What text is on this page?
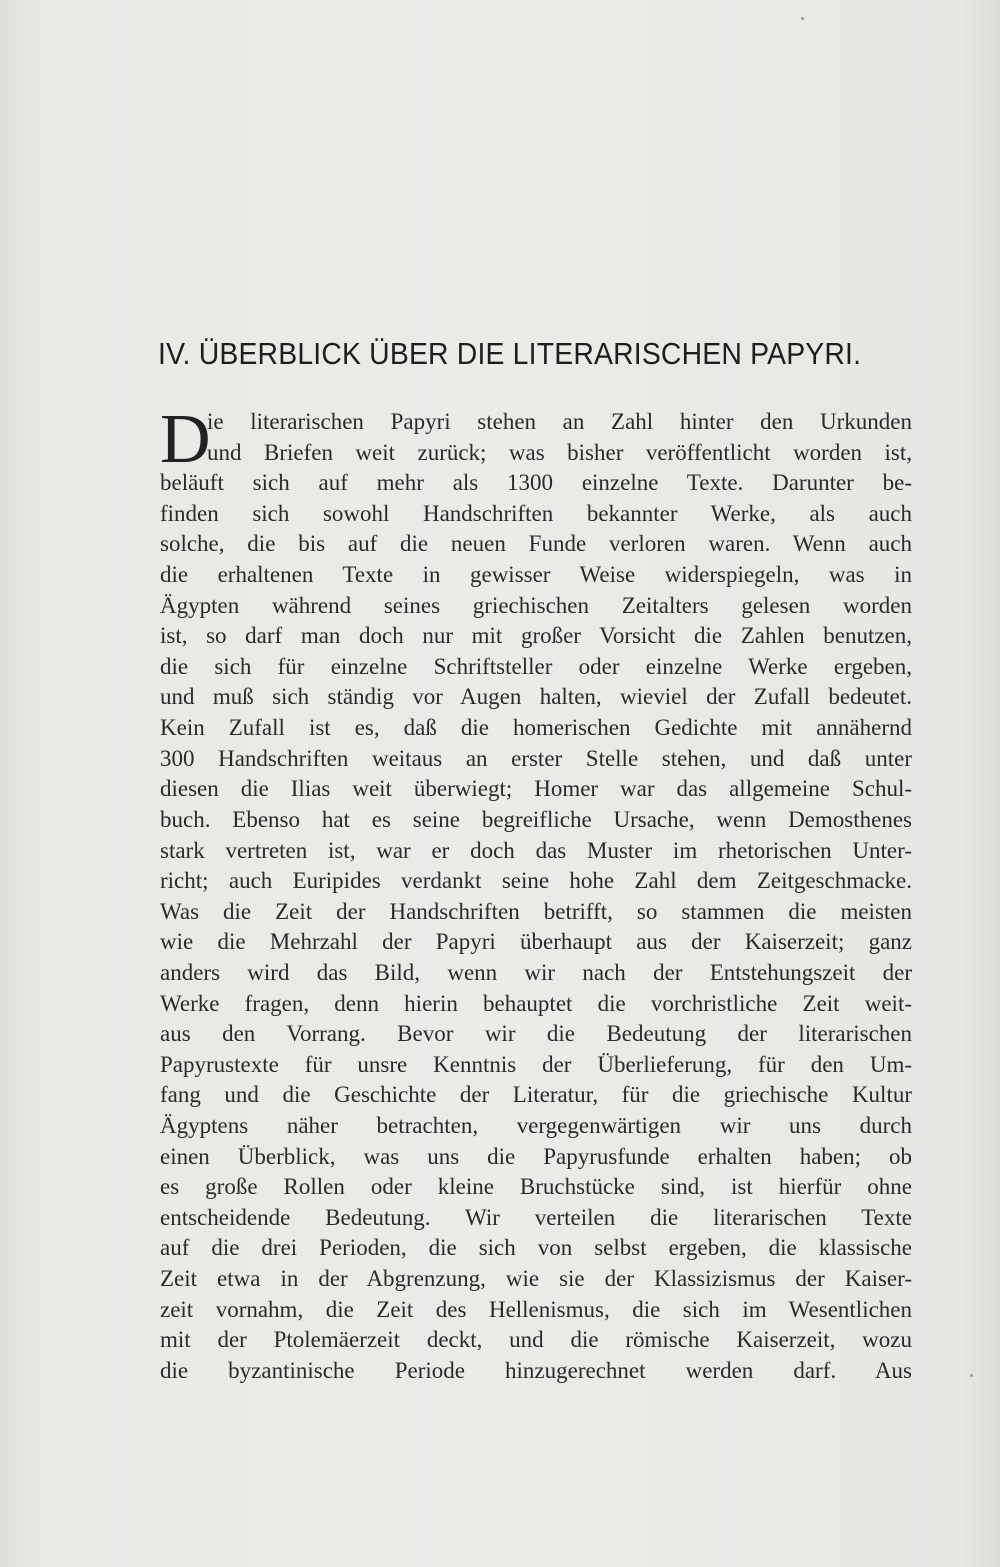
IV. ÜBERBLICK ÜBER DIE LITERARISCHEN PAPYRI.
D
ie literarischen Papyri stehen an Zahl hinter den Urkunden
und Briefen weit zurück; was bisher veröffentlicht worden ist,
beläuft sich auf mehr als 1300 einzelne Texte. Darunter be-
finden sich sowohl Handschriften bekannter Werke, als auch
solche, die bis auf die neuen Funde verloren waren. Wenn auch
die erhaltenen Texte in gewisser Weise widerspiegeln, was in
Ägypten während seines griechischen Zeitalters gelesen worden
ist, so darf man doch nur mit großer Vorsicht die Zahlen benutzen,
die sich für einzelne Schriftsteller oder einzelne Werke ergeben,
und muß sich ständig vor Augen halten, wieviel der Zufall bedeutet.
Kein Zufall ist es, daß die homerischen Gedichte mit annähernd
300 Handschriften weitaus an erster Stelle stehen, und daß unter
diesen die Ilias weit überwiegt; Homer war das allgemeine Schul-
buch. Ebenso hat es seine begreifliche Ursache, wenn Demosthenes
stark vertreten ist, war er doch das Muster im rhetorischen Unter-
richt; auch Euripides verdankt seine hohe Zahl dem Zeitgeschmacke.
Was die Zeit der Handschriften betrifft, so stammen die meisten
wie die Mehrzahl der Papyri überhaupt aus der Kaiserzeit; ganz
anders wird das Bild, wenn wir nach der Entstehungszeit der
Werke fragen, denn hierin behauptet die vorchristliche Zeit weit-
aus den Vorrang. Bevor wir die Bedeutung der literarischen
Papyrustexte für unsre Kenntnis der Überlieferung, für den Um-
fang und die Geschichte der Literatur, für die griechische Kultur
Ägyptens näher betrachten, vergegenwärtigen wir uns durch
einen Überblick, was uns die Papyrusfunde erhalten haben; ob
es große Rollen oder kleine Bruchstücke sind, ist hierfür ohne
entscheidende Bedeutung. Wir verteilen die literarischen Texte
auf die drei Perioden, die sich von selbst ergeben, die klassische
Zeit etwa in der Abgrenzung, wie sie der Klassizismus der Kaiser-
zeit vornahm, die Zeit des Hellenismus, die sich im Wesentlichen
mit der Ptolemäerzeit deckt, und die römische Kaiserzeit, wozu
die byzantinische Periode hinzugerechnet werden darf. Aus
